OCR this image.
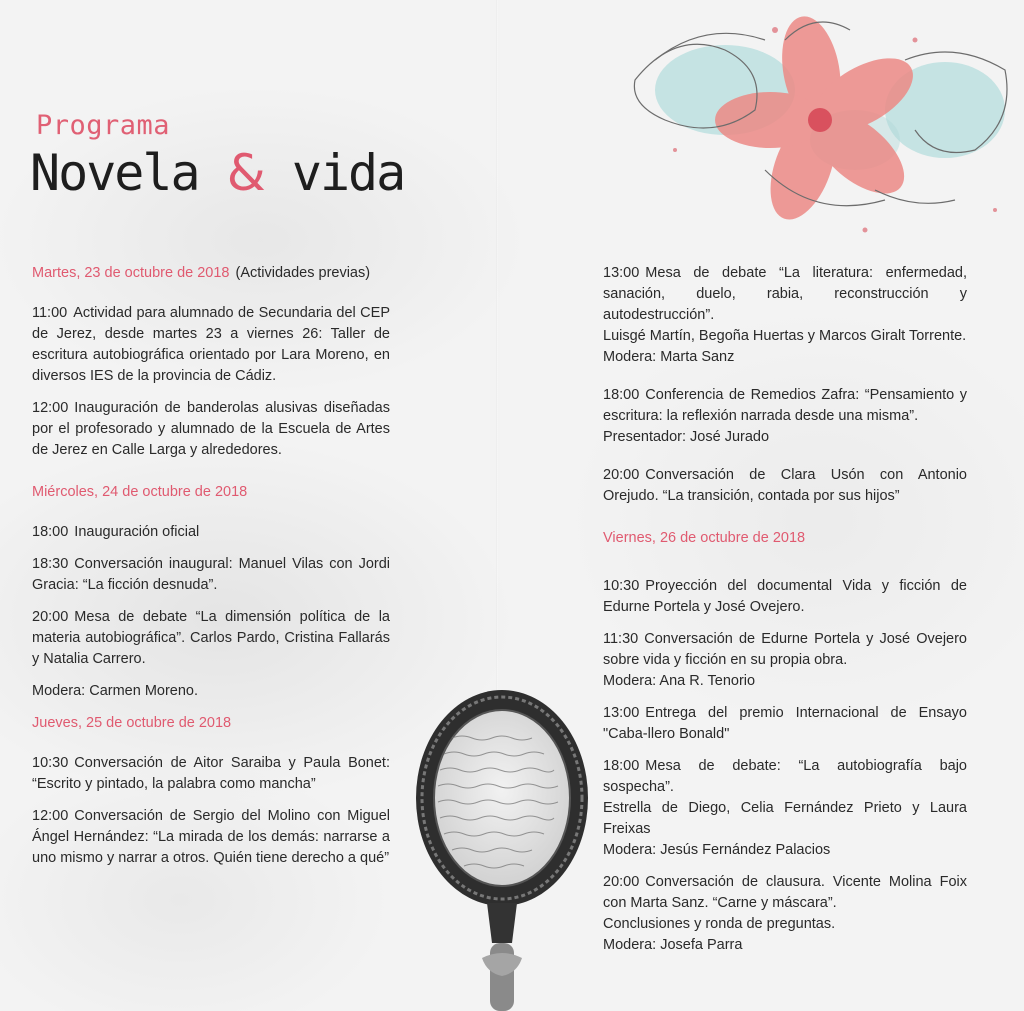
Programa
Novela & vida
Martes, 23 de octubre de 2018 (Actividades previas)
11:00 Actividad para alumnado de Secundaria del CEP de Jerez, desde martes 23 a viernes 26: Taller de escritura autobiográfica orientado por Lara Moreno, en diversos IES de la provincia de Cádiz.
12:00 Inauguración de banderolas alusivas diseñadas por el profesorado y alumnado de la Escuela de Artes de Jerez en Calle Larga y alrededores.
Miércoles, 24 de octubre de 2018
18:00 Inauguración oficial
18:30 Conversación inaugural: Manuel Vilas con Jordi Gracia: “La ficción desnuda”.
20:00 Mesa de debate “La dimensión política de la materia autobiográfica”. Carlos Pardo, Cristina Fallarás y Natalia Carrero.
Modera: Carmen Moreno.
Jueves, 25 de octubre de 2018
10:30 Conversación de Aitor Saraiba y Paula Bonet: “Escrito y pintado, la palabra como mancha”
12:00 Conversación de Sergio del Molino con Miguel Ángel Hernández: “La mirada de los demás: narrarse a uno mismo y narrar a otros. Quién tiene derecho a qué”
13:00 Mesa de debate “La literatura: enfermedad, sanación, duelo, rabia, reconstrucción y autodestrucción”.
Luisgé Martín, Begoña Huertas y Marcos Giralt Torrente.
Modera: Marta Sanz
18:00 Conferencia de Remedios Zafra: “Pensamiento y escritura: la reflexión narrada desde una misma”.
Presentador: José Jurado
20:00 Conversación de Clara Usón con Antonio Orejudo. “La transición, contada por sus hijos”
Viernes, 26 de octubre de 2018
10:30 Proyección del documental Vida y ficción de Edurne Portela y José Ovejero.
11:30 Conversación de Edurne Portela y José Ovejero sobre vida y ficción en su propia obra.
Modera: Ana R. Tenorio
13:00 Entrega del premio Internacional de Ensayo "Caba-llero Bonald"
18:00 Mesa de debate: “La autobiografía bajo sospecha”.
Estrella de Diego, Celia Fernández Prieto y Laura Freixas
Modera: Jesús Fernández Palacios
20:00 Conversación de clausura. Vicente Molina Foix con Marta Sanz. “Carne y máscara”.
Conclusiones y ronda de preguntas.
Modera: Josefa Parra
